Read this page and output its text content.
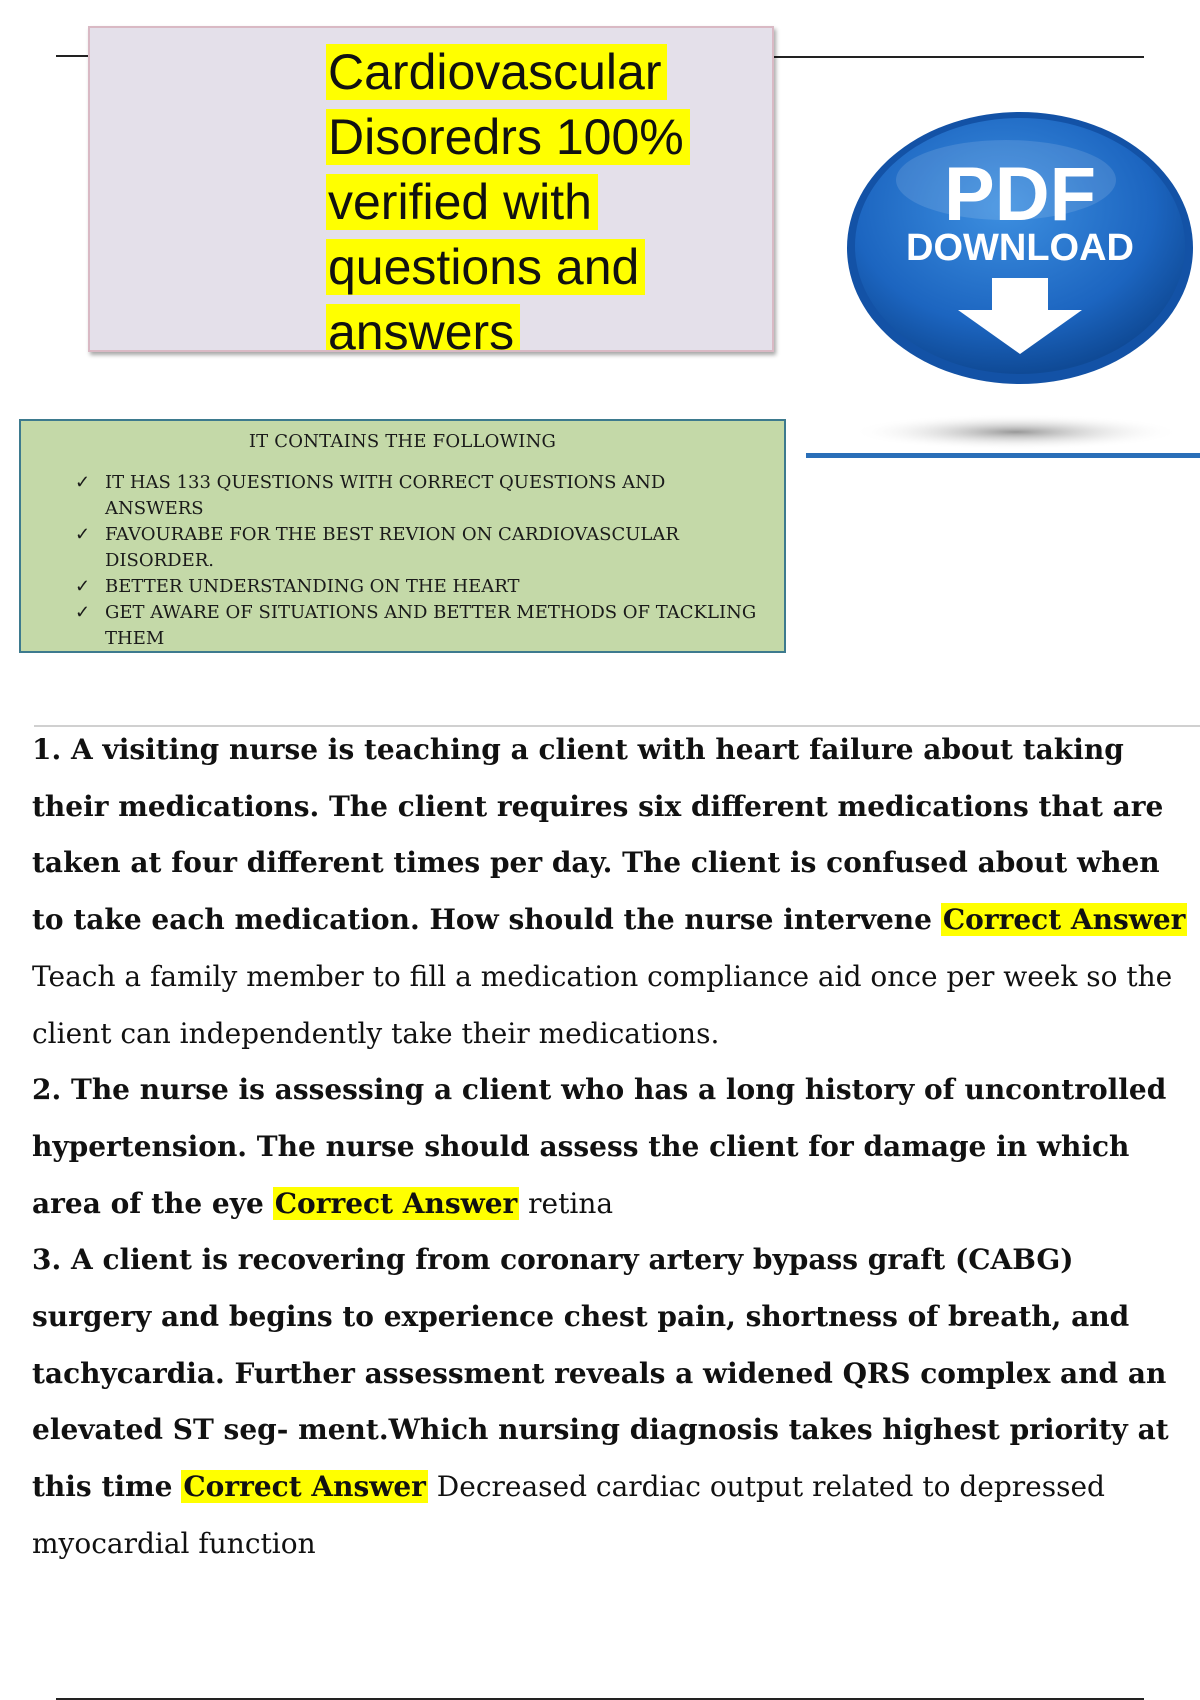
Cardiovascular
Disoredrs 100%
verified with
questions and
answers
PDF
DOWNLOAD
IT CONTAINS THE FOLLOWING
✓ IT HAS 133 QUESTIONS WITH CORRECT QUESTIONS AND ANSWERS
✓ FAVOURABE FOR THE BEST REVION ON CARDIOVASCULAR DISORDER.
✓ BETTER UNDERSTANDING ON THE HEART
✓ GET AWARE OF SITUATIONS AND BETTER METHODS OF TACKLING THEM

1. A visiting nurse is teaching a client with heart failure about taking their medications. The client requires six different medications that are taken at four different times per day. The client is confused about when to take each medication. How should the nurse intervene Correct Answer Teach a family member to fill a medication compliance aid once per week so the client can independently take their medications.

2. The nurse is assessing a client who has a long history of uncontrolled hypertension. The nurse should assess the client for damage in which area of the eye Correct Answer retina

3. A client is recovering from coronary artery bypass graft (CABG) surgery and begins to experience chest pain, shortness of breath, and tachycardia. Further assessment reveals a widened QRS complex and an elevated ST seg- ment.Which nursing diagnosis takes highest priority at this time Correct Answer Decreased cardiac output related to depressed myocardial function
